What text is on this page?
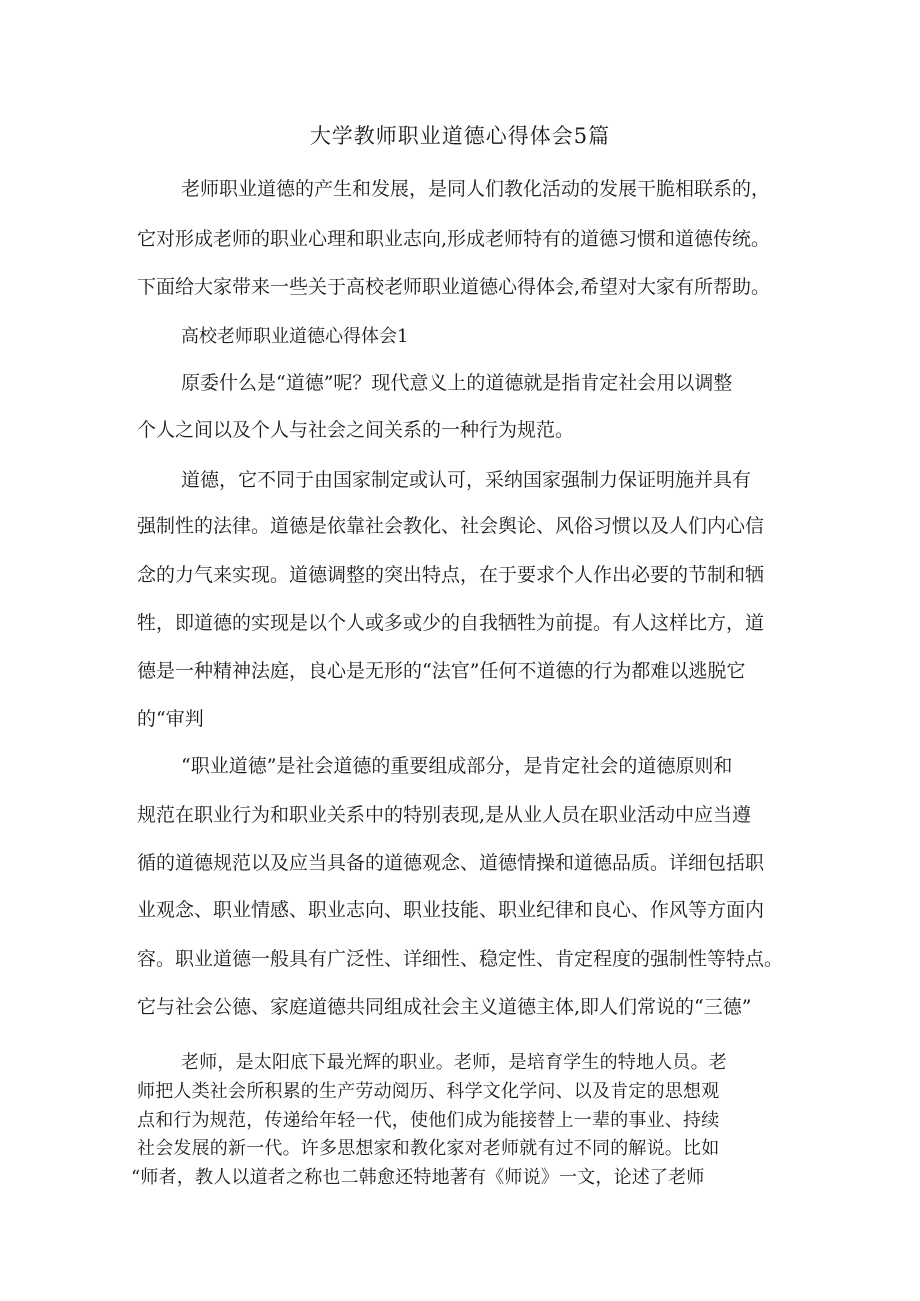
大学教师职业道德心得体会5篇
老师职业道德的产生和发展，是同人们教化活动的发展干脆相联系的，
它对形成老师的职业心理和职业志向,形成老师特有的道德习惯和道德传统。
下面给大家带来一些关于高校老师职业道德心得体会,希望对大家有所帮助。
高校老师职业道德心得体会1
原委什么是“道德”呢？现代意义上的道德就是指肯定社会用以调整
个人之间以及个人与社会之间关系的一种行为规范。
道德，它不同于由国家制定或认可，采纳国家强制力保证明施并具有
强制性的法律。道德是依靠社会教化、社会舆论、风俗习惯以及人们内心信
念的力气来实现。道德调整的突出特点，在于要求个人作出必要的节制和牺
牲，即道德的实现是以个人或多或少的自我牺牲为前提。有人这样比方，道
德是一种精神法庭，良心是无形的“法官”任何不道德的行为都难以逃脱它
的“审判
“职业道德”是社会道德的重要组成部分，是肯定社会的道德原则和
规范在职业行为和职业关系中的特别表现,是从业人员在职业活动中应当遵
循的道德规范以及应当具备的道德观念、道德情操和道德品质。详细包括职
业观念、职业情感、职业志向、职业技能、职业纪律和良心、作风等方面内
容。职业道德一般具有广泛性、详细性、稳定性、肯定程度的强制性等特点。
它与社会公德、家庭道德共同组成社会主义道德主体,即人们常说的“三德”
老师，是太阳底下最光辉的职业。老师，是培育学生的特地人员。老
师把人类社会所积累的生产劳动阅历、科学文化学问、以及肯定的思想观
点和行为规范，传递给年轻一代，使他们成为能接替上一辈的事业、持续
社会发展的新一代。许多思想家和教化家对老师就有过不同的解说。比如
“师者，教人以道者之称也二韩愈还特地著有《师说》一文，论述了老师
